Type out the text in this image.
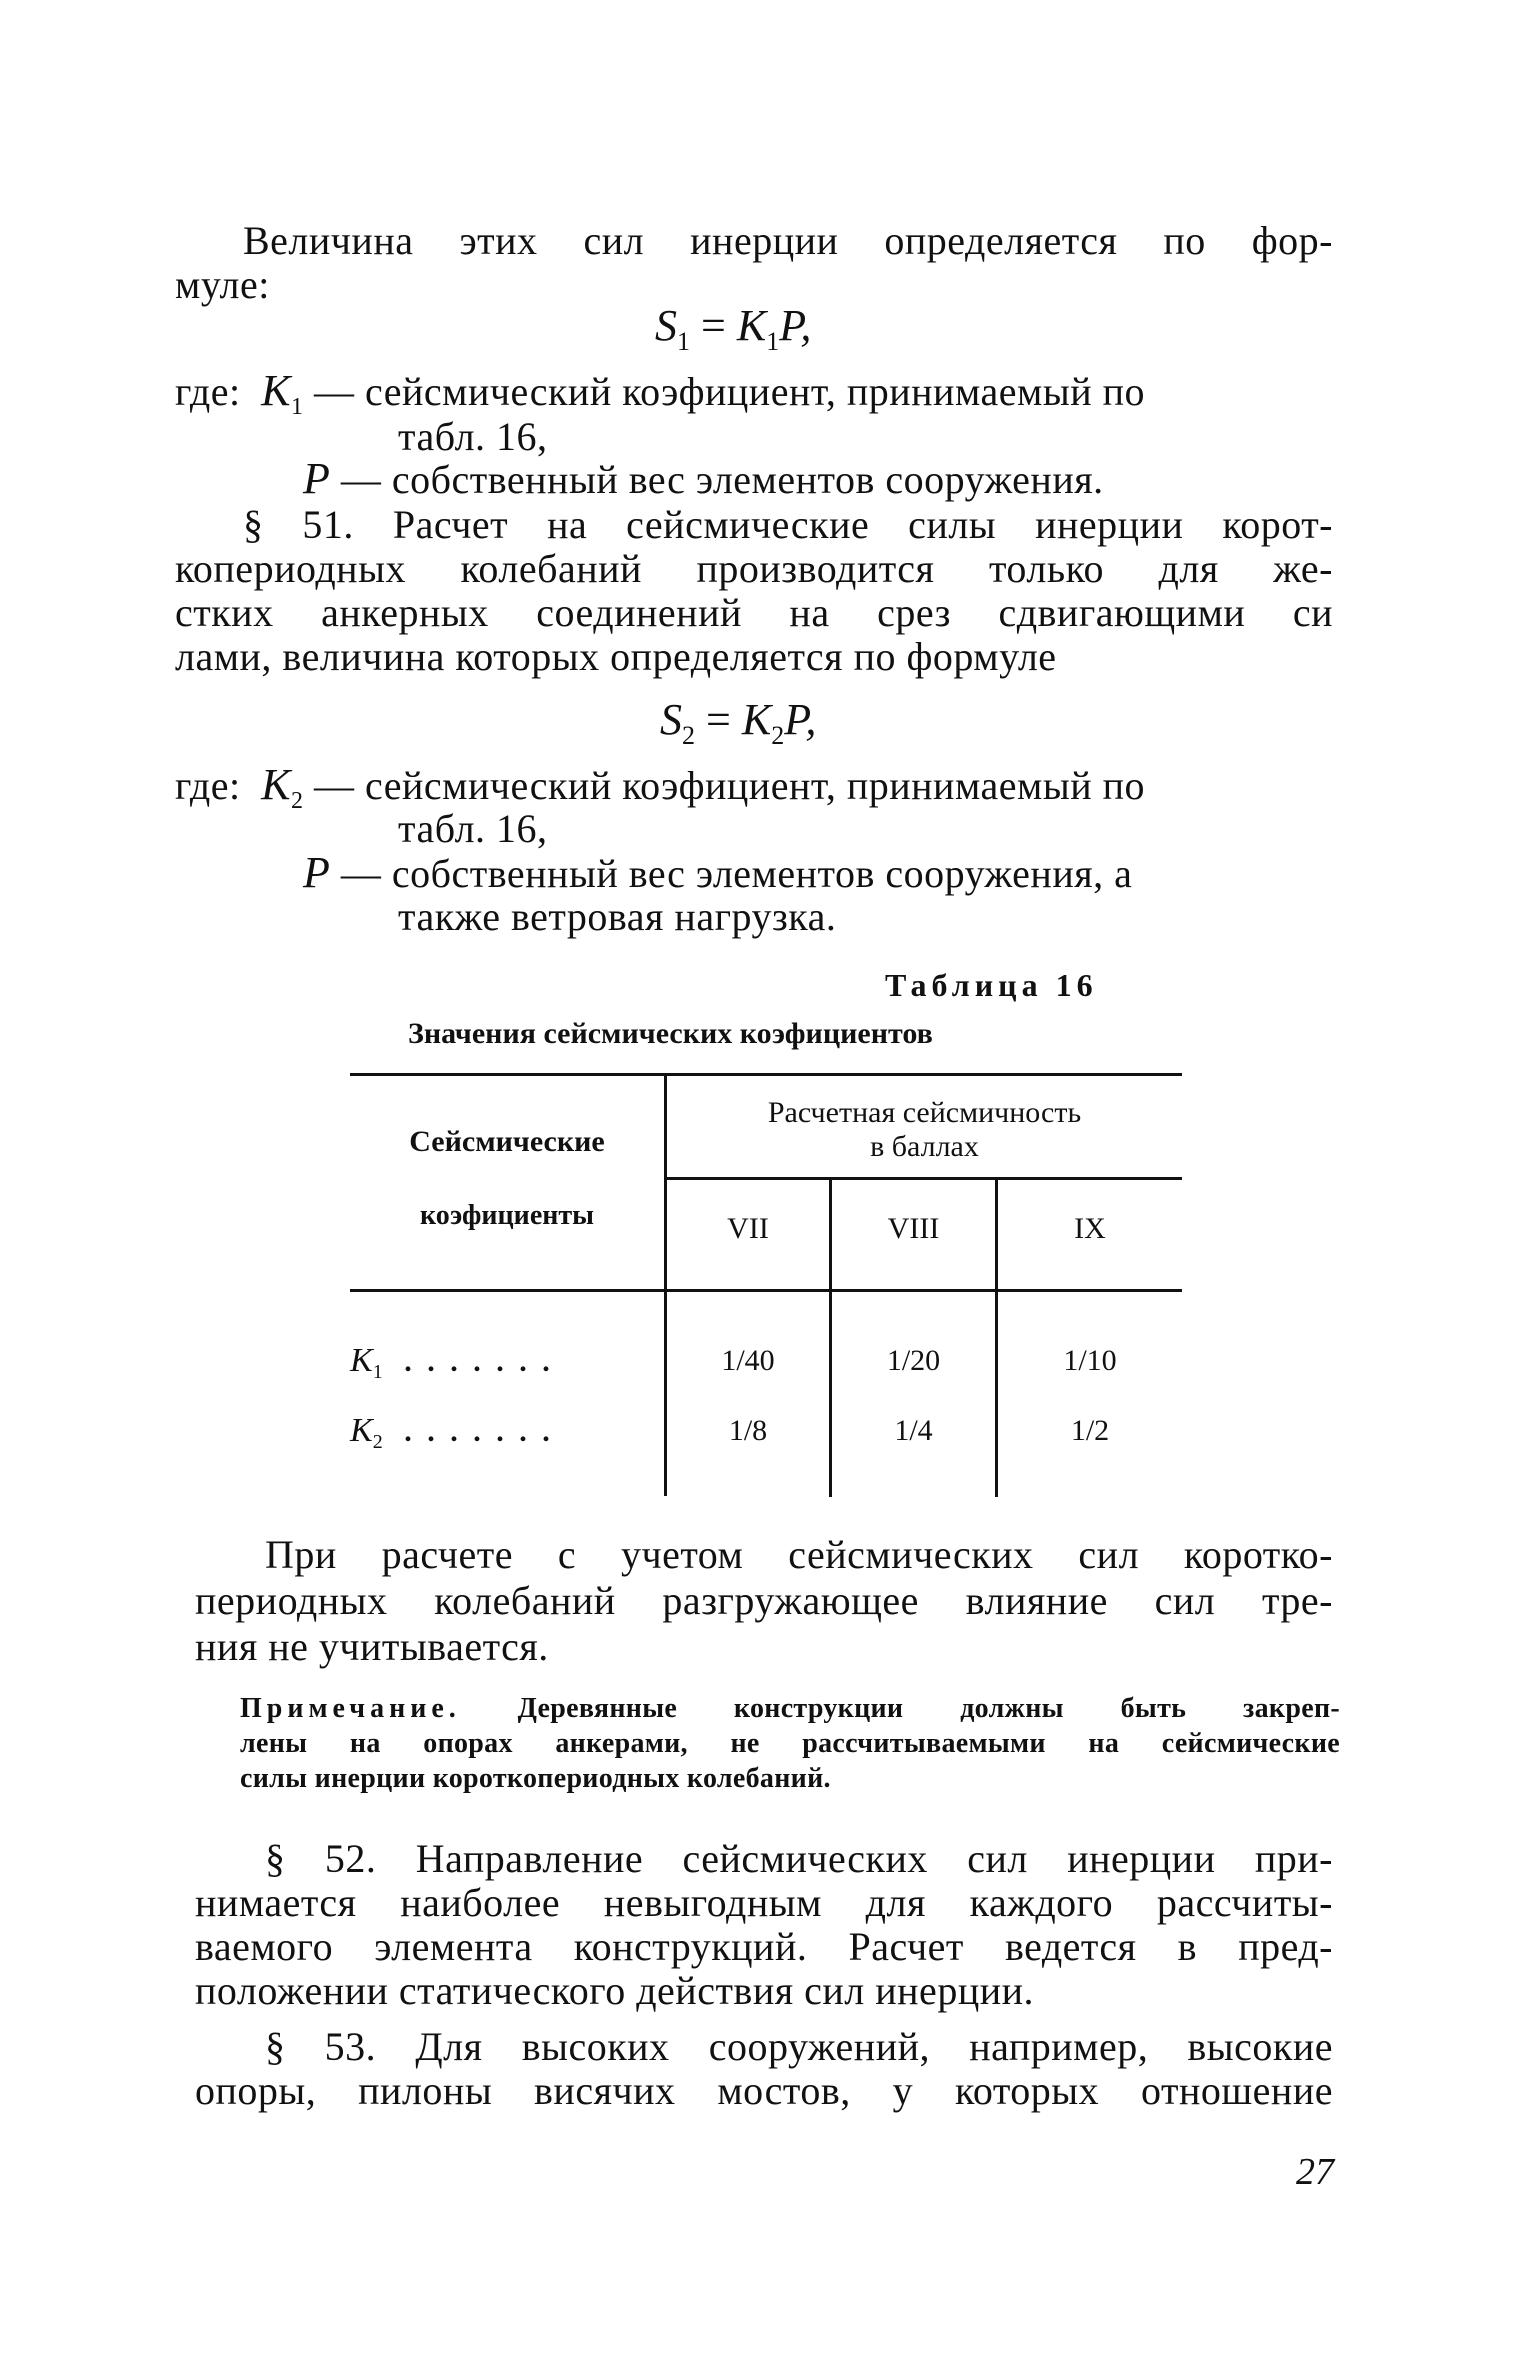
Величина этих сил инерции определяется по фор-
муле:
$S_1 = K_1P$,
где: $K_1$ — сейсмический коэфициент, принимаемый по
табл. 16,
P — собственный вес элементов сооружения.
§ 51. Расчет на сейсмические силы инерции корот-
копериодных колебаний производится только для же-
стких анкерных соединений на срез сдвигающими си
лами, величина которых определяется по формуле
$S_2 = K_2P$,
где: $K_2$ — сейсмический коэфициент, принимаемый по
табл. 16,
P — собственный вес элементов сооружения, а
также ветровая нагрузка.
Таблица 16
Значения сейсмических коэфициентов
Сейсмические
коэфициенты
Расчетная сейсмичность
в баллах
VII	VIII	IX
$K_1$ . . . . . . .	1/40	1/20	1/10
$K_2$ . . . . . . .	1/8	1/4	1/2
При расчете с учетом сейсмических сил коротко-
периодных колебаний разгружающее влияние сил тре-
ния не учитывается.
Примечание. Деревянные конструкции должны быть закреп-
лены на опорах анкерами, не рассчитываемыми на сейсмические
силы инерции короткопериодных колебаний.
§ 52. Направление сейсмических сил инерции при-
нимается наиболее невыгодным для каждого рассчиты-
ваемого элемента конструкций. Расчет ведется в пред-
положении статического действия сил инерции.
§ 53. Для высоких сооружений, например, высокие
опоры, пилоны висячих мостов, у которых отношение
27
